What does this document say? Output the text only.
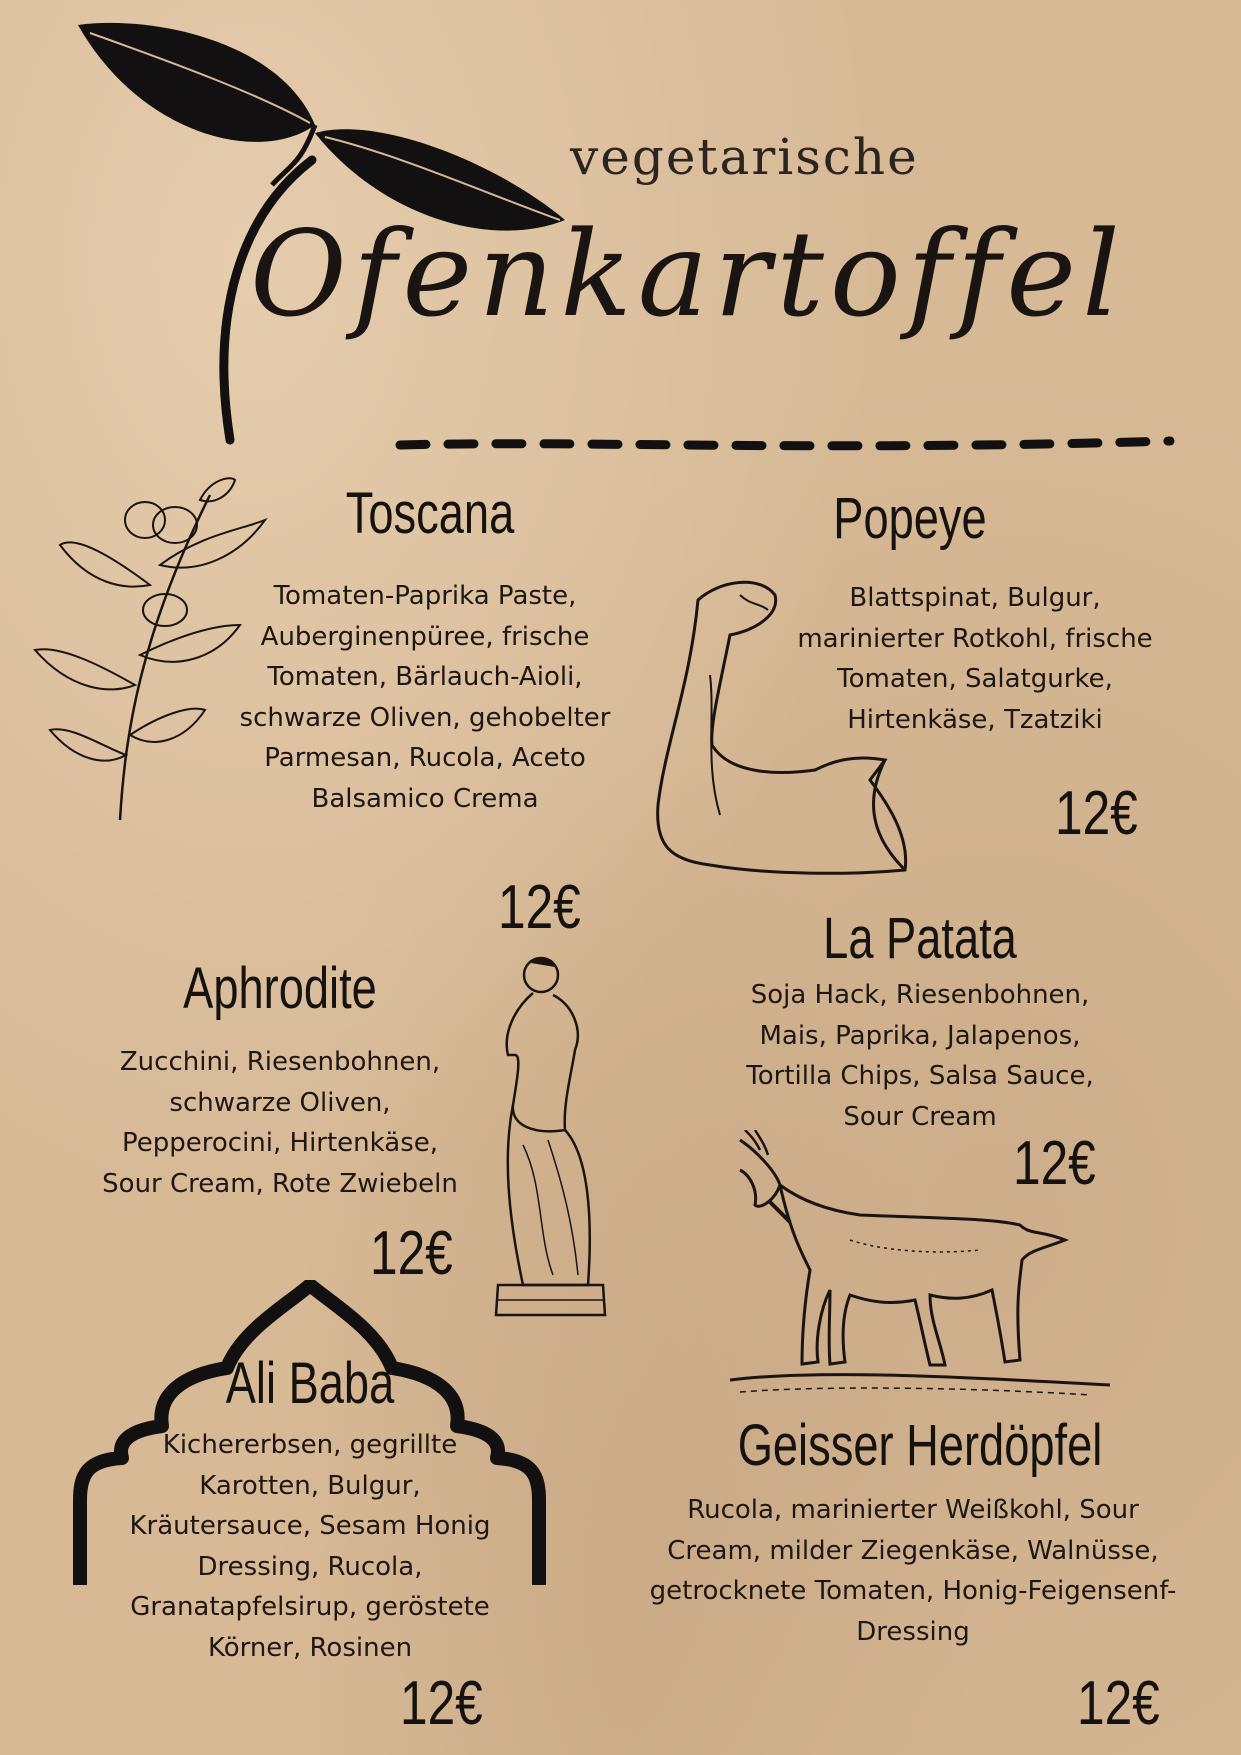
vegetarische
Ofenkartoffel
Toscana
Tomaten-Paprika Paste,
Auberginenpüree, frische
Tomaten, Bärlauch-Aioli,
schwarze Oliven, gehobelter
Parmesan, Rucola, Aceto
Balsamico Crema
12€
Popeye
Blattspinat, Bulgur,
marinierter Rotkohl, frische
Tomaten, Salatgurke,
Hirtenkäse, Tzatziki
12€
Aphrodite
Zucchini, Riesenbohnen,
schwarze Oliven,
Pepperocini, Hirtenkäse,
Sour Cream, Rote Zwiebeln
12€
La Patata
Soja Hack, Riesenbohnen,
Mais, Paprika, Jalapenos,
Tortilla Chips, Salsa Sauce,
Sour Cream
12€
Ali Baba
Kichererbsen, gegrillte
Karotten, Bulgur,
Kräutersauce, Sesam Honig
Dressing, Rucola,
Granatapfelsirup, geröstete
Körner, Rosinen
12€
Geisser Herdöpfel
Rucola, marinierter Weißkohl, Sour
Cream, milder Ziegenkäse, Walnüsse,
getrocknete Tomaten, Honig-Feigensenf-
Dressing
12€
